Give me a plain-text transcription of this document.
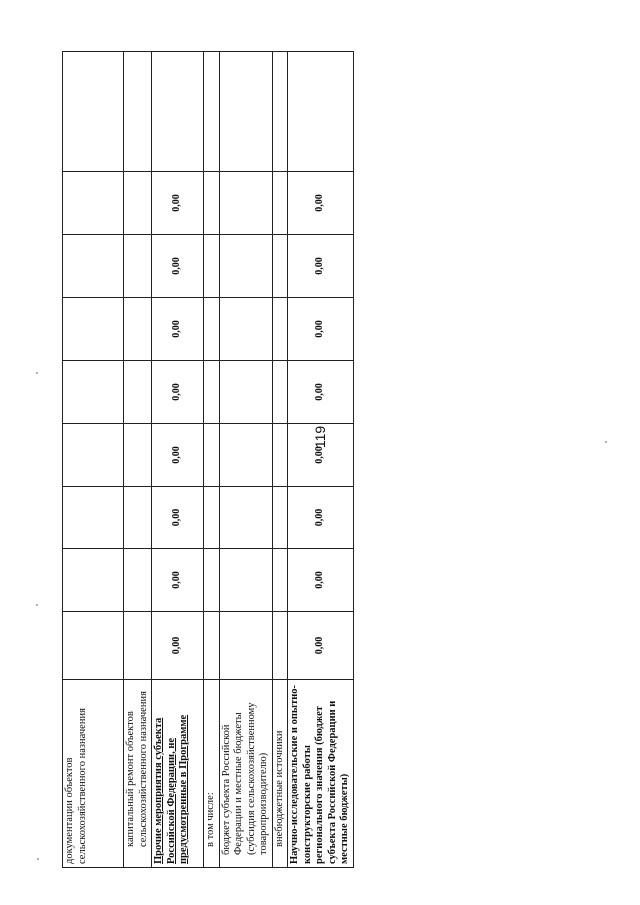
119
документации объектов сельскохозяйственного назначения									
капитальный ремонт объектов сельскохозяйственного назначения									
Прочие мероприятия субъекта Российской Федерации, не предусмотренные в Программе	0,00	0,00	0,00	0,00	0,00	0,00	0,00	0,00	
в том числе:									
бюджет субъекта Российской Федерации и местные бюджеты (субсидия сельскохозяйственному товаропроизводителю)									
внебюджетные источники									
Научно-исследовательские и опытно-конструкторские работы регионального значения (бюджет субъекта Российской Федерации и местные бюджеты)	0,00	0,00	0,00	0,00	0,00	0,00	0,00	0,00	
